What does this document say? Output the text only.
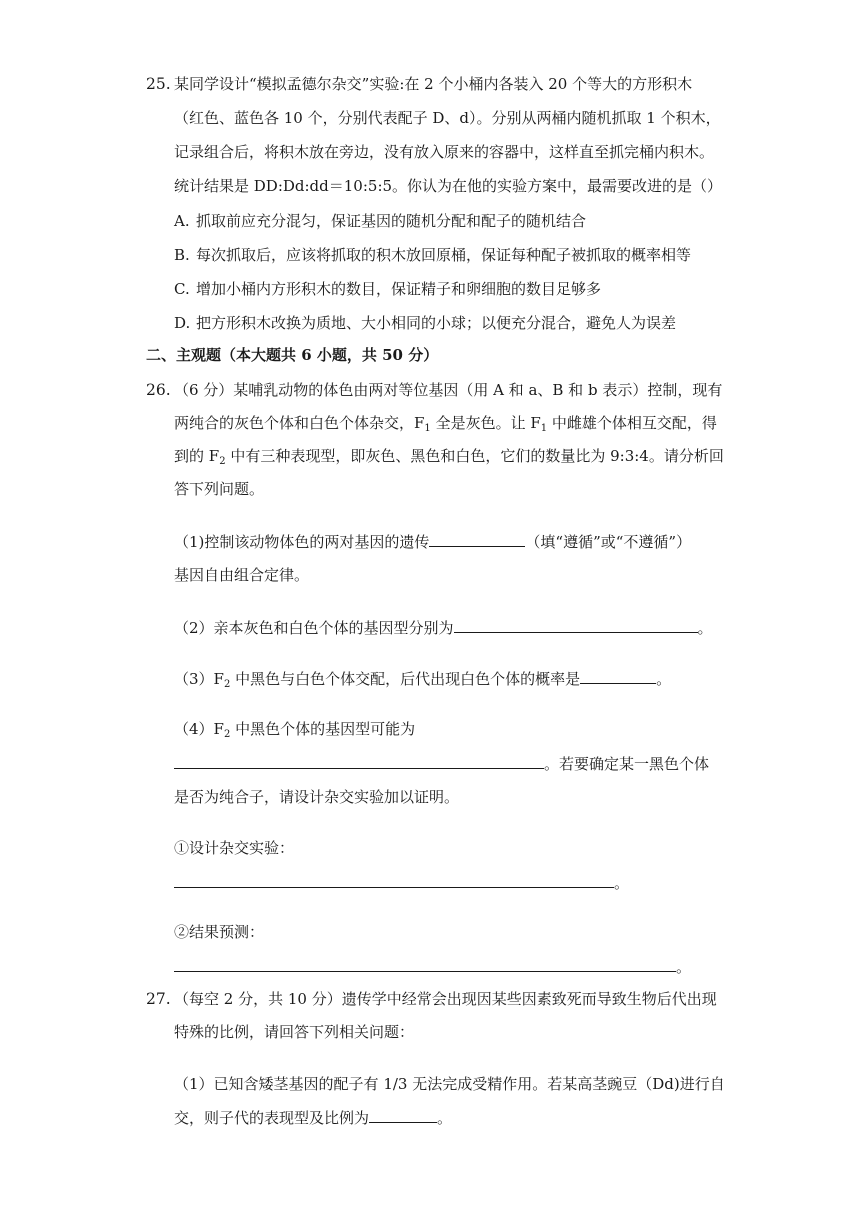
25. 某同学设计“模拟孟德尔杂交”实验:在 2 个小桶内各装入 20 个等大的方形积木
（红色、蓝色各 10 个，分别代表配子 D、d）。分别从两桶内随机抓取 1 个积木，
记录组合后，将积木放在旁边，没有放入原来的容器中，这样直至抓完桶内积木。
统计结果是 DD:Dd:dd＝10:5:5。你认为在他的实验方案中，最需要改进的是（）
A. 抓取前应充分混匀，保证基因的随机分配和配子的随机结合
B. 每次抓取后，应该将抓取的积木放回原桶，保证每种配子被抓取的概率相等
C. 增加小桶内方形积木的数目，保证精子和卵细胞的数目足够多
D. 把方形积木改换为质地、大小相同的小球；以便充分混合，避免人为误差
二、主观题（本大题共 6 小题，共 50 分）
26. （6 分）某哺乳动物的体色由两对等位基因（用 A 和 a、B 和 b 表示）控制，现有
两纯合的灰色个体和白色个体杂交，$F_1$ 全是灰色。让 $F_1$ 中雌雄个体相互交配，得
到的 $F_2$ 中有三种表现型，即灰色、黑色和白色，它们的数量比为 9:3:4。请分析回
答下列问题。
（1)控制该动物体色的两对基因的遗传	（填“遵循”或“不遵循”）
基因自由组合定律。
（2）亲本灰色和白色个体的基因型分别为	。
$(3)F_2$ 中黑色与白色个体交配，后代出现白色个体的概率是	。
$(4)F_2$ 中黑色个体的基因型可能为
。若要确定某一黑色个体
是否为纯合子，请设计杂交实验加以证明。
①设计杂交实验：
。
②结果预测：
。
27. （每空 2 分，共 10 分）遗传学中经常会出现因某些因素致死而导致生物后代出现
特殊的比例，请回答下列相关问题：
（1）已知含矮茎基因的配子有 1/3 无法完成受精作用。若某高茎豌豆（Dd)进行自
交，则子代的表现型及比例为	。
